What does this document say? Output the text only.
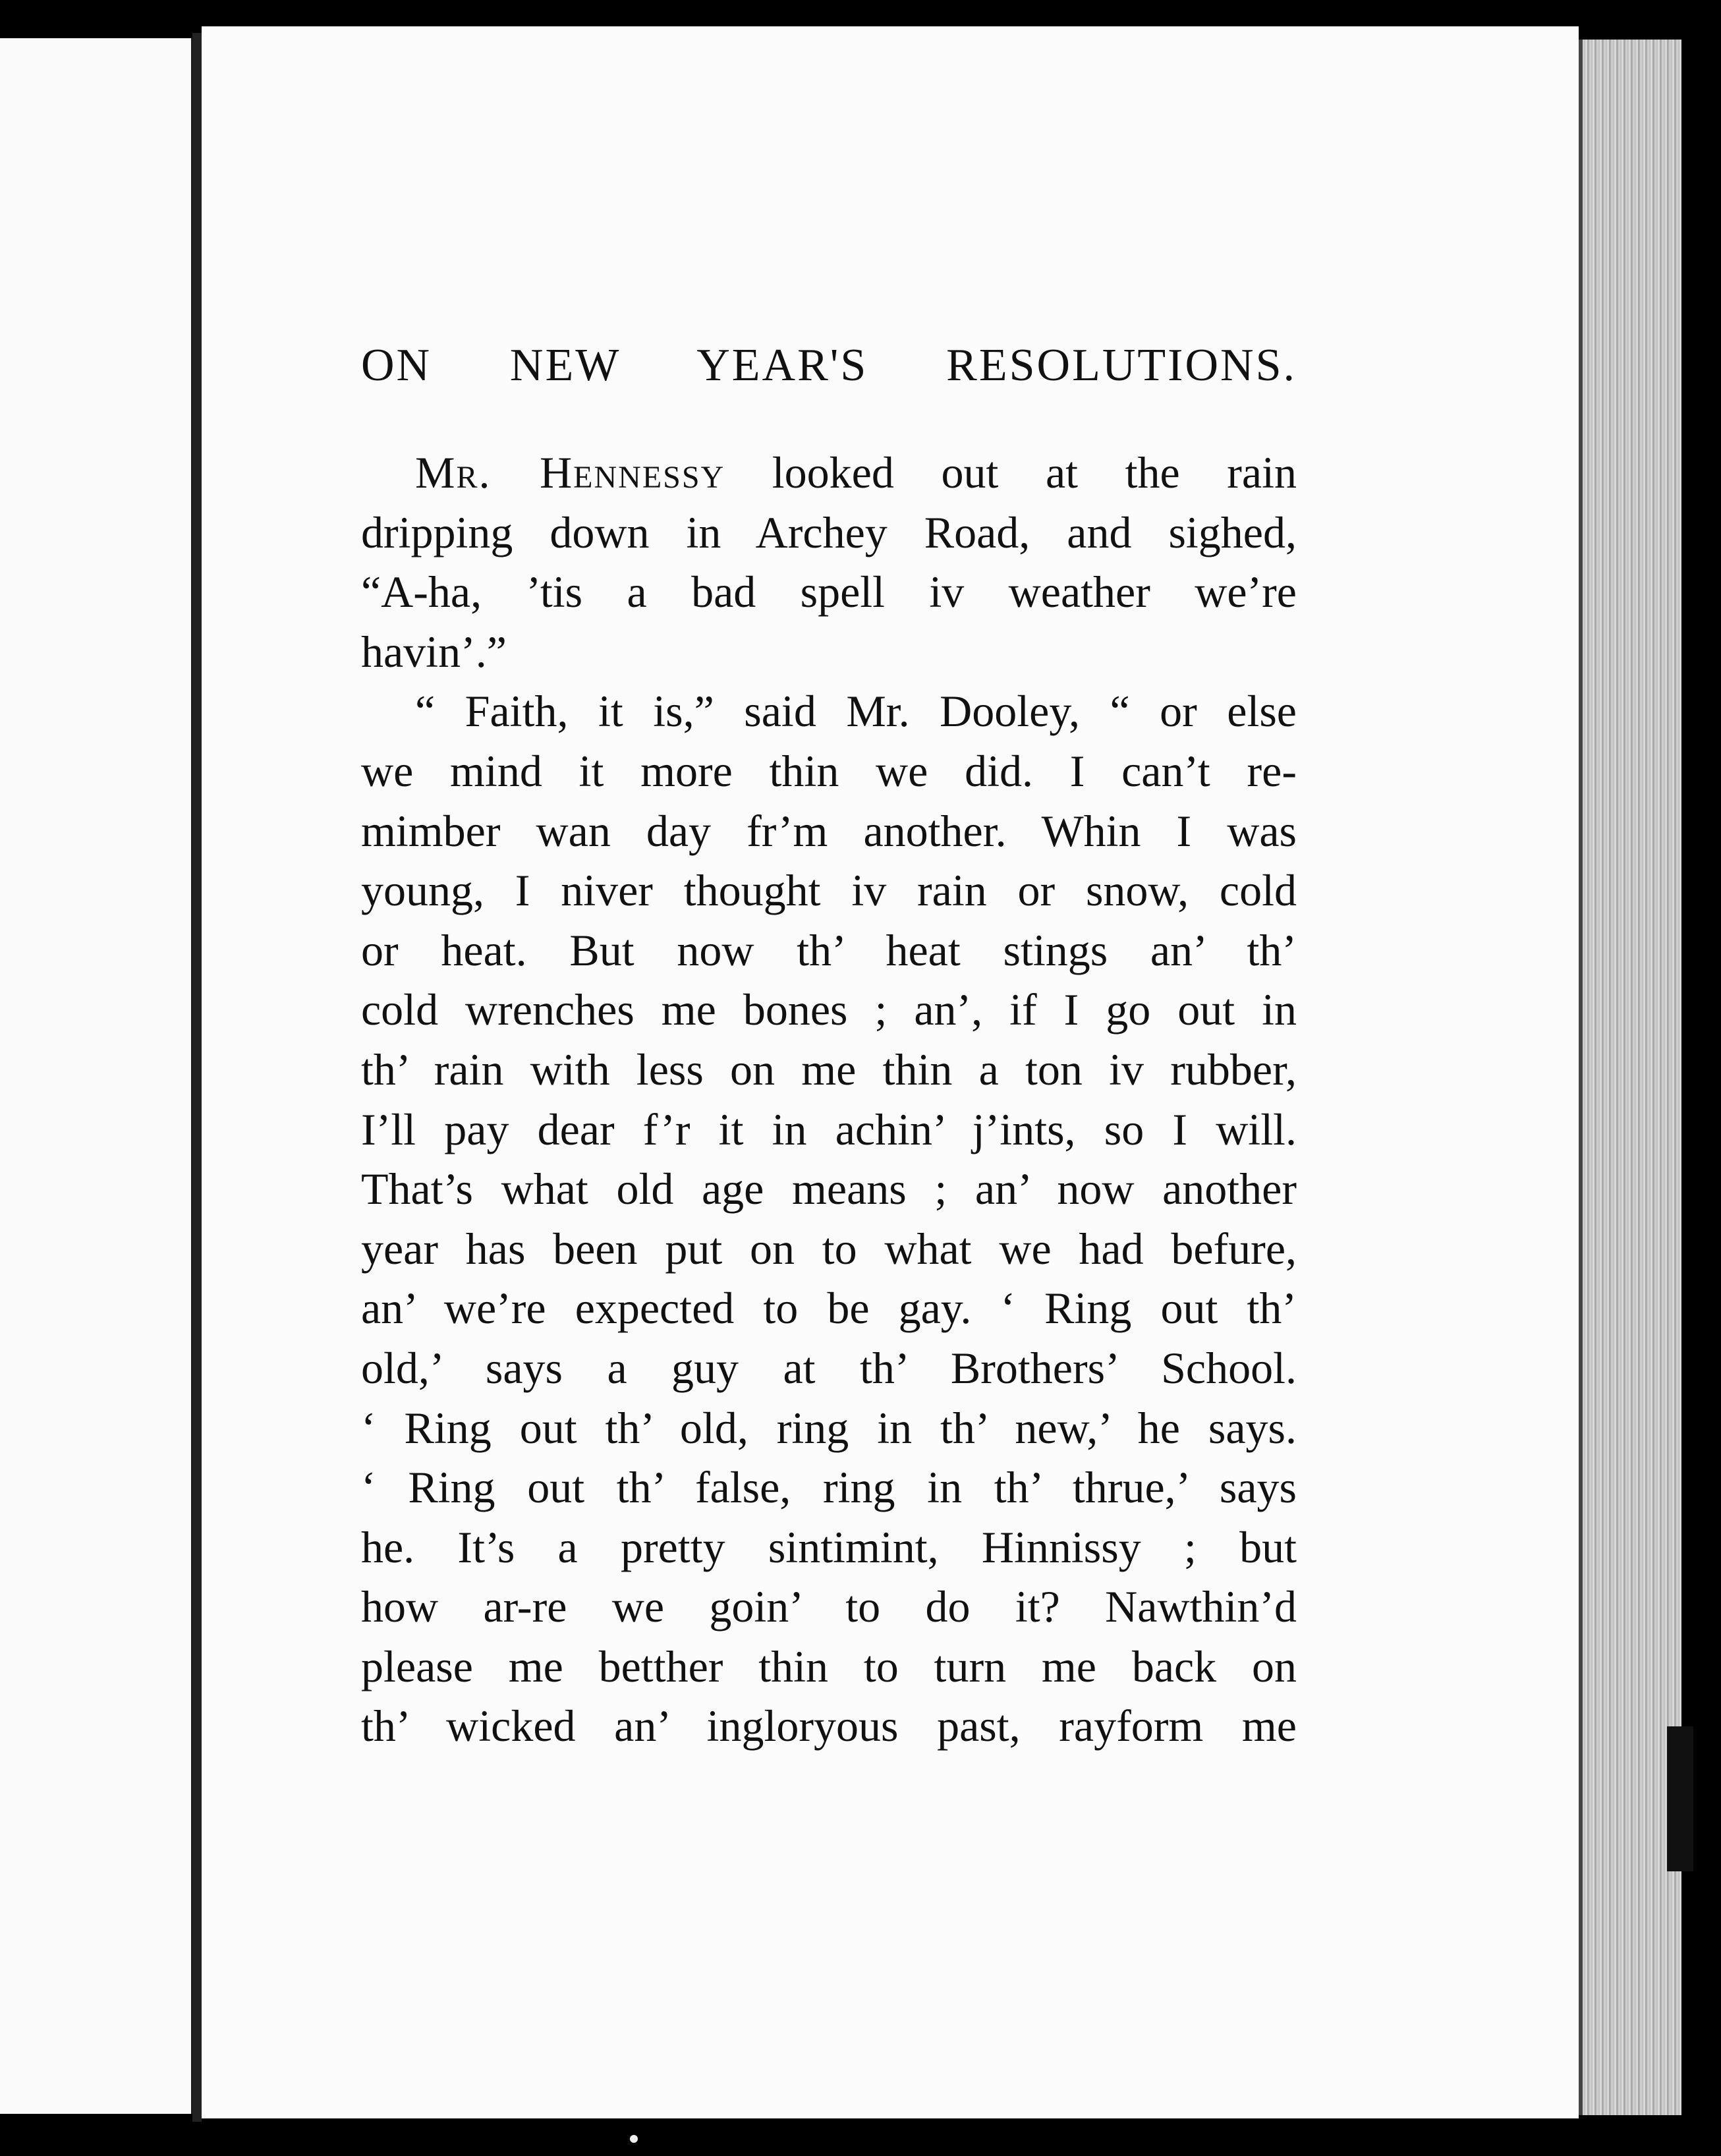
ON NEW YEAR'S RESOLUTIONS.
Mr. Hennessy looked out at the rain
dripping down in Archey Road, and sighed,
“A-ha, ’tis a bad spell iv weather we’re
havin’.”
“ Faith, it is,” said Mr. Dooley, “ or else
we mind it more thin we did. I can’t re-
mimber wan day fr’m another. Whin I was
young, I niver thought iv rain or snow, cold
or heat. But now th’ heat stings an’ th’
cold wrenches me bones ; an’, if I go out in
th’ rain with less on me thin a ton iv rubber,
I’ll pay dear f’r it in achin’ j’ints, so I will.
That’s what old age means ; an’ now another
year has been put on to what we had befure,
an’ we’re expected to be gay. ‘ Ring out th’
old,’ says a guy at th’ Brothers’ School.
‘ Ring out th’ old, ring in th’ new,’ he says.
‘ Ring out th’ false, ring in th’ thrue,’ says
he. It’s a pretty sintimint, Hinnissy ; but
how ar-re we goin’ to do it? Nawthin’d
please me betther thin to turn me back on
th’ wicked an’ ingloryous past, rayform me
